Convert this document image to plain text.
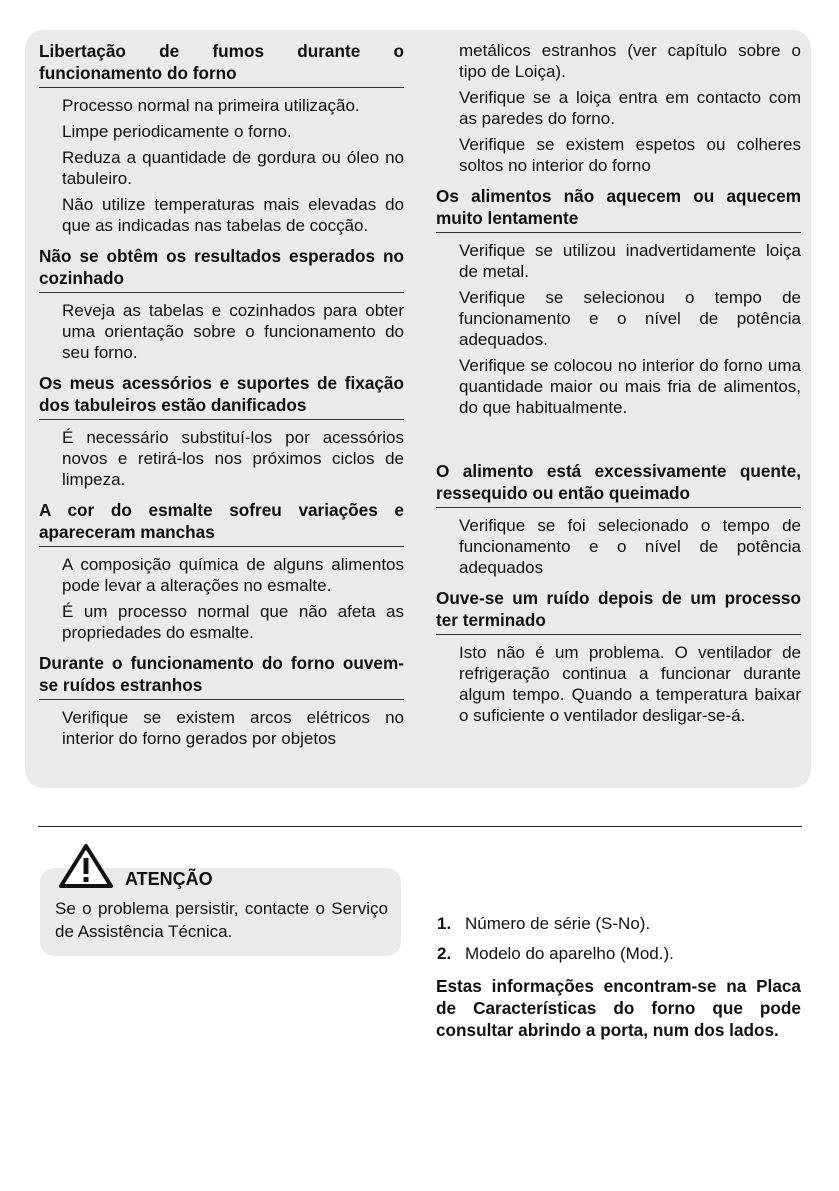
Libertação de fumos durante o funcionamento do forno
Processo normal na primeira utilização.
Limpe periodicamente o forno.
Reduza a quantidade de gordura ou óleo no tabuleiro.
Não utilize temperaturas mais elevadas do que as indicadas nas tabelas de cocção.
Não se obtêm os resultados esperados no cozinhado
Reveja as tabelas e cozinhados para obter uma orientação sobre o funcionamento do seu forno.
Os meus acessórios e suportes de fixação dos tabuleiros estão danificados
É necessário substituí-los por acessórios novos e retirá-los nos próximos ciclos de limpeza.
A cor do esmalte sofreu variações e apareceram manchas
A composição química de alguns alimentos pode levar a alterações no esmalte.
É um processo normal que não afeta as propriedades do esmalte.
Durante o funcionamento do forno ouvem-se ruídos estranhos
Verifique se existem arcos elétricos no interior do forno gerados por objetos
metálicos estranhos (ver capítulo sobre o tipo de Loiça).
Verifique se a loiça entra em contacto com as paredes do forno.
Verifique se existem espetos ou colheres soltos no interior do forno
Os alimentos não aquecem ou aquecem muito lentamente
Verifique se utilizou inadvertidamente loiça de metal.
Verifique se selecionou o tempo de funcionamento e o nível de potência adequados.
Verifique se colocou no interior do forno uma quantidade maior ou mais fria de alimentos, do que habitualmente.
O alimento está excessivamente quente, ressequido ou então queimado
Verifique se foi selecionado o tempo de funcionamento e o nível de potência adequados
Ouve-se um ruído depois de um processo ter terminado
Isto não é um problema. O ventilador de refrigeração continua a funcionar durante algum tempo. Quando a temperatura baixar o suficiente o ventilador desligar-se-á.
ATENÇÃO
Se o problema persistir, contacte o Serviço de Assistência Técnica.	1. Número de série (S-No).
2. Modelo do aparelho (Mod.).
Estas informações encontram-se na Placa de Características do forno que pode consultar abrindo a porta, num dos lados.
